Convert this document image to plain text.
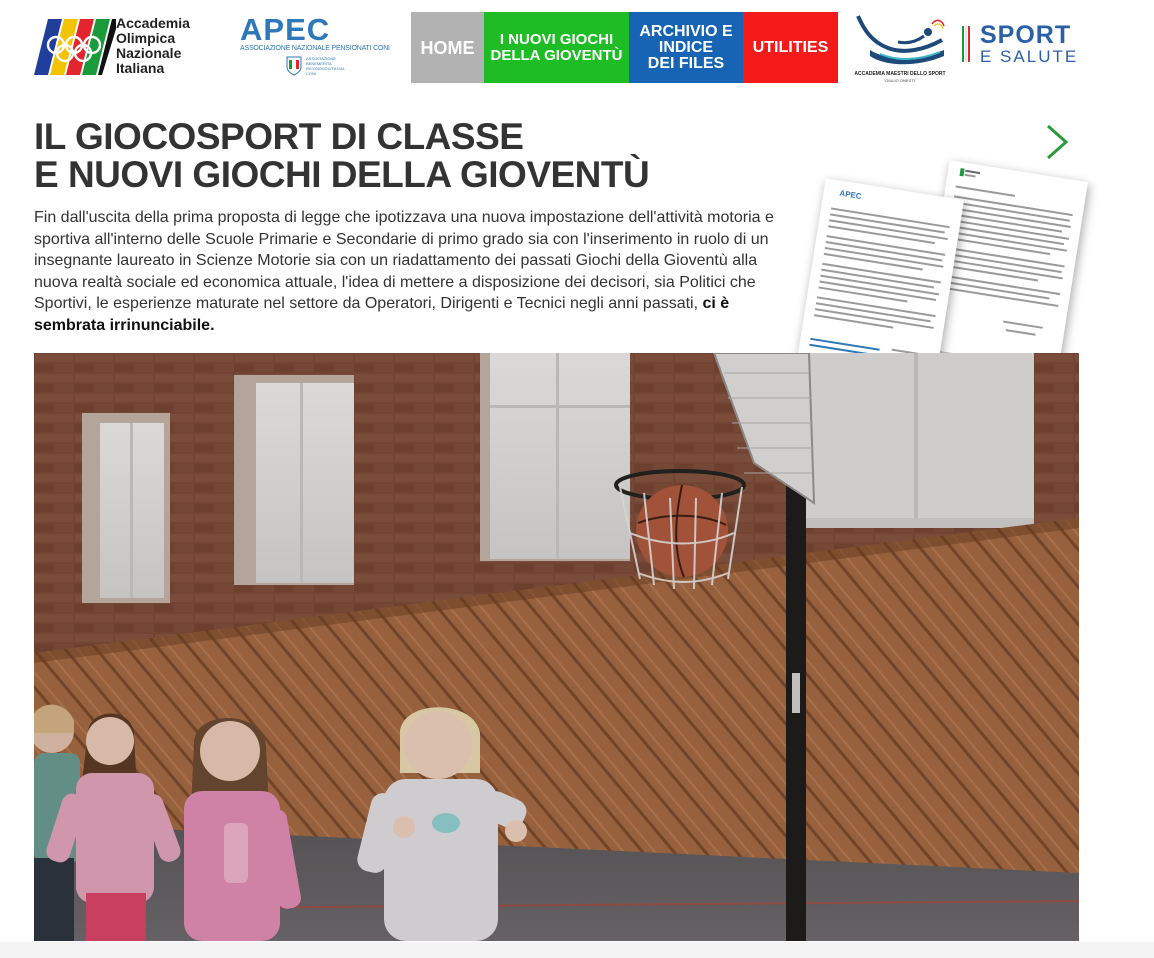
Accademia
Olimpica
Nazionale
Italiana
APEC
ASSOCIAZIONE NAZIONALE PENSIONATI CONI
ASSOCIAZIONE BENEMERITA RICONOSCIUTA DAL CONI
HOME	I NUOVI GIOCHI
DELLA GIOVENTÙ
ARCHIVIO E
INDICE
DEI FILES
UTILITIES
ACCADEMIA MAESTRI DELLO SPORT
"GIULIO ONESTI"
SPORT
E SALUTE
IL GIOCOSPORT DI CLASSE
E NUOVI GIOCHI DELLA GIOVENTÙ

Fin dall'uscita della prima proposta di legge che ipotizzava una nuova impostazione dell'attività motoria e sportiva all'interno delle Scuole Primarie e Secondarie di primo grado sia con l'inserimento in ruolo di un insegnante laureato in Scienze Motorie sia con un riadattamento dei passati Giochi della Gioventù alla nuova realtà sociale ed economica attuale, l'idea di mettere a disposizione dei decisori, sia Politici che Sportivi, le esperienze maturate nel settore da Operatori, Dirigenti e Tecnici negli anni passati, ci è sembrata irrinunciabile.

APEC
